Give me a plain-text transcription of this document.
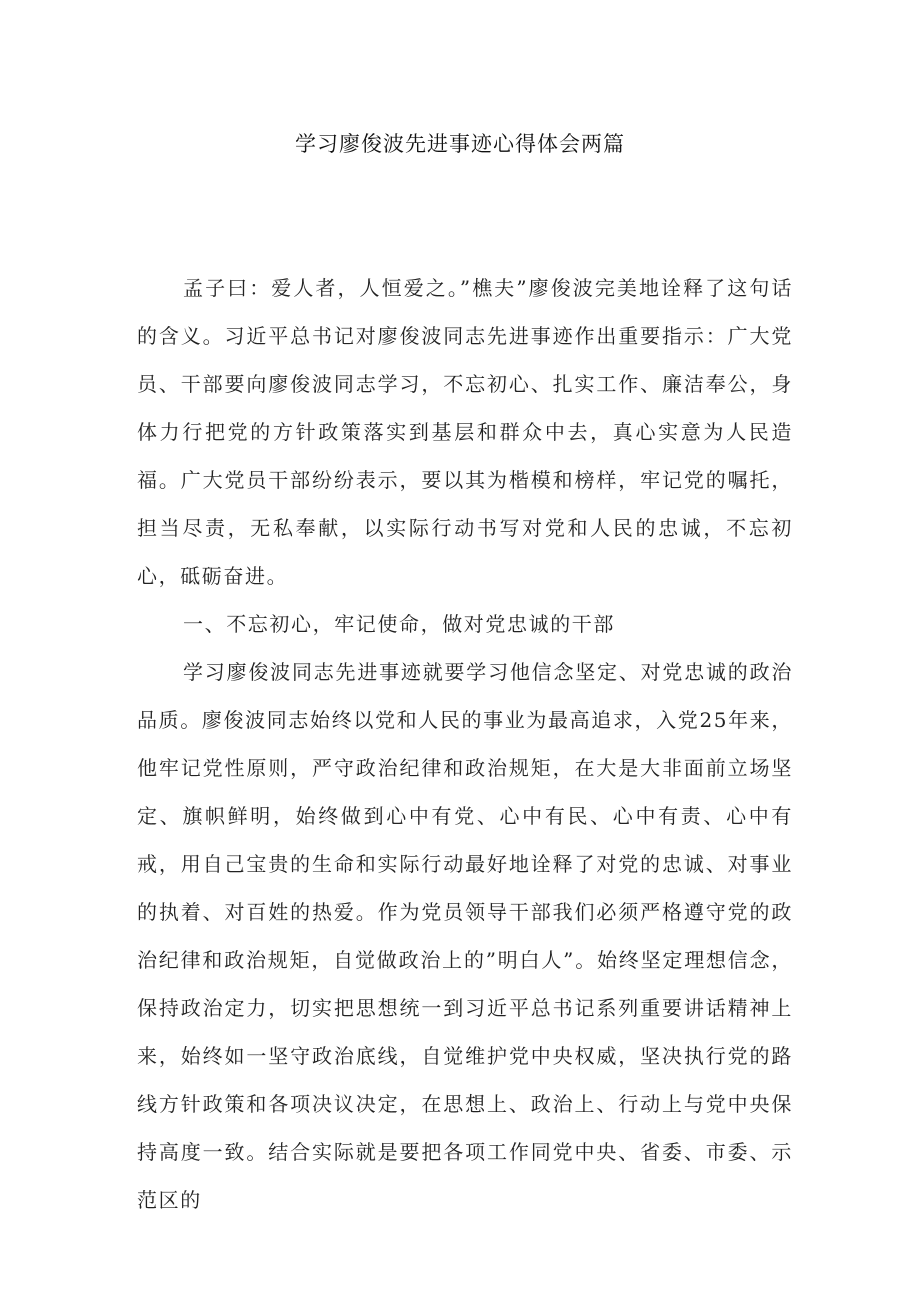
学习廖俊波先进事迹心得体会两篇

孟子曰：爱人者，人恒爱之。”樵夫”廖俊波完美地诠释了这句话的含义。习近平总书记对廖俊波同志先进事迹作出重要指示：广大党员、干部要向廖俊波同志学习，不忘初心、扎实工作、廉洁奉公，身体力行把党的方针政策落实到基层和群众中去，真心实意为人民造福。广大党员干部纷纷表示，要以其为楷模和榜样，牢记党的嘱托，担当尽责，无私奉献，以实际行动书写对党和人民的忠诚，不忘初心，砥砺奋进。

一、不忘初心，牢记使命，做对党忠诚的干部

学习廖俊波同志先进事迹就要学习他信念坚定、对党忠诚的政治品质。廖俊波同志始终以党和人民的事业为最高追求，入党25年来，他牢记党性原则，严守政治纪律和政治规矩，在大是大非面前立场坚定、旗帜鲜明，始终做到心中有党、心中有民、心中有责、心中有戒，用自己宝贵的生命和实际行动最好地诠释了对党的忠诚、对事业的执着、对百姓的热爱。作为党员领导干部我们必须严格遵守党的政治纪律和政治规矩，自觉做政治上的”明白人”。始终坚定理想信念，保持政治定力，切实把思想统一到习近平总书记系列重要讲话精神上来，始终如一坚守政治底线，自觉维护党中央权威，坚决执行党的路线方针政策和各项决议决定，在思想上、政治上、行动上与党中央保持高度一致。结合实际就是要把各项工作同党中央、省委、市委、示范区的
